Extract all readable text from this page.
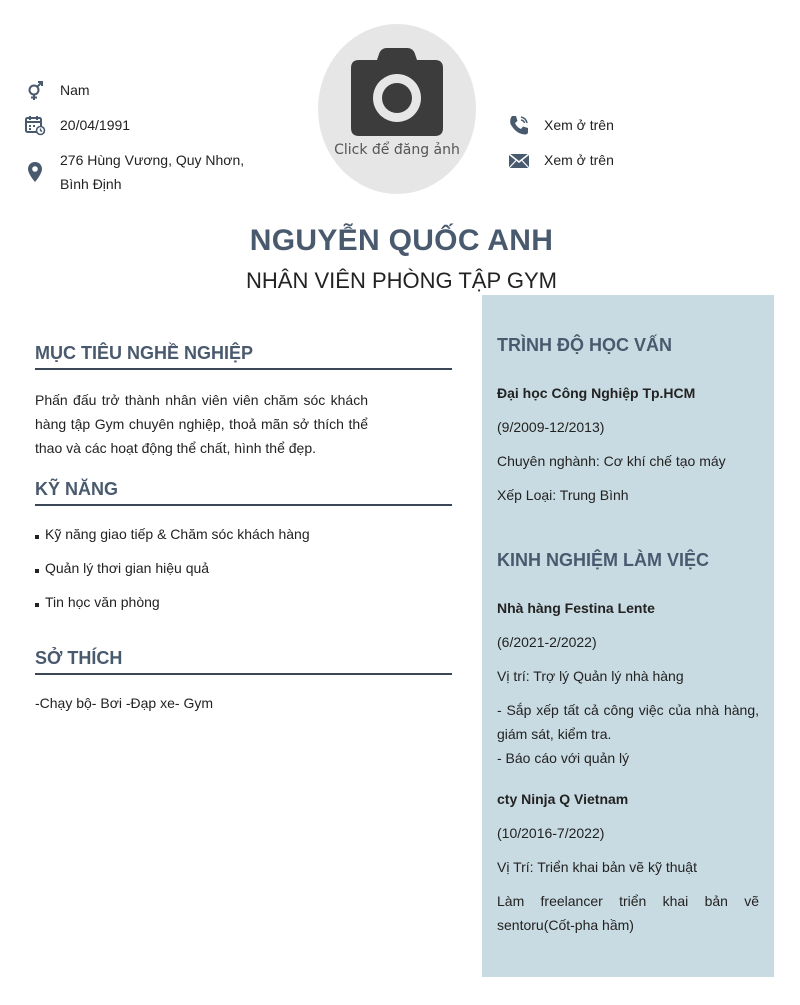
Nam
20/04/1991
276 Hùng Vương, Quy Nhơn, Bình Định
Click để đăng ảnh
Xem ở trên
Xem ở trên
NGUYỄN QUỐC ANH
NHÂN VIÊN PHÒNG TẬP GYM
MỤC TIÊU NGHỀ NGHIỆP
Phấn đấu trở thành nhân viên viên chăm sóc khách hàng tập Gym chuyên nghiệp, thoả mãn sở thích thể thao và các hoạt động thể chất, hình thể đẹp.
KỸ NĂNG
Kỹ năng giao tiếp & Chăm sóc khách hàng
Quản lý thơi gian hiệu quả
Tin học văn phòng
SỞ THÍCH
-Chạy bộ- Bơi -Đạp xe- Gym
TRÌNH ĐỘ HỌC VẤN
Đại học Công Nghiệp Tp.HCM
(9/2009-12/2013)
Chuyên nghành: Cơ khí chế tạo máy
Xếp Loại: Trung Bình
KINH NGHIỆM LÀM VIỆC
Nhà hàng Festina Lente
(6/2021-2/2022)
Vị trí: Trợ lý Quản lý nhà hàng
- Sắp xếp tất cả công việc của nhà hàng, giám sát, kiểm tra.
- Báo cáo với quản lý
cty Ninja Q Vietnam
(10/2016-7/2022)
Vị Trí: Triển khai bản vẽ kỹ thuật
Làm freelancer triển khai bản vẽ sentoru(Cốt-pha hầm)
